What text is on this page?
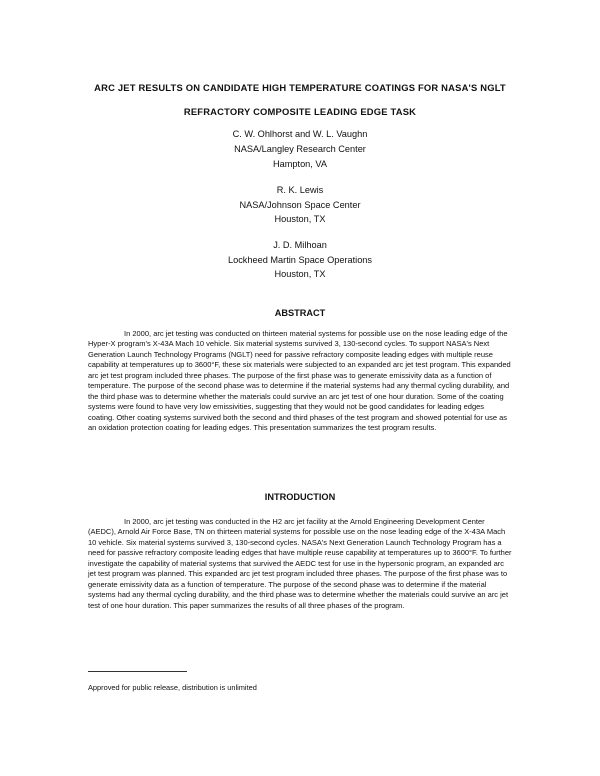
ARC JET RESULTS ON CANDIDATE HIGH TEMPERATURE COATINGS FOR NASA'S NGLT
REFRACTORY COMPOSITE LEADING EDGE TASK
C. W. Ohlhorst and W. L. Vaughn
NASA/Langley Research Center
Hampton, VA
R. K. Lewis
NASA/Johnson Space Center
Houston, TX
J. D. Milhoan
Lockheed Martin Space Operations
Houston, TX
ABSTRACT

In 2000, arc jet testing was conducted on thirteen material systems for possible use on the nose leading edge of the Hyper-X program's X-43A Mach 10 vehicle. Six material systems survived 3, 130-second cycles. To support NASA's Next Generation Launch Technology Programs (NGLT) need for passive refractory composite leading edges with multiple reuse capability at temperatures up to 3600°F, these six materials were subjected to an expanded arc jet test program. This expanded arc jet test program included three phases. The purpose of the first phase was to generate emissivity data as a function of temperature. The purpose of the second phase was to determine if the material systems had any thermal cycling durability, and the third phase was to determine whether the materials could survive an arc jet test of one hour duration. Some of the coating systems were found to have very low emissivities, suggesting that they would not be good candidates for leading edges coating. Other coating systems survived both the second and third phases of the test program and showed potential for use as an oxidation protection coating for leading edges. This presentation summarizes the test program results.

INTRODUCTION

In 2000, arc jet testing was conducted in the H2 arc jet facility at the Arnold Engineering Development Center (AEDC), Arnold Air Force Base, TN on thirteen material systems for possible use on the nose leading edge of the X-43A Mach 10 vehicle. Six material systems survived 3, 130-second cycles. NASA's Next Generation Launch Technology Program has a need for passive refractory composite leading edges that have multiple reuse capability at temperatures up to 3600°F. To further investigate the capability of material systems that survived the AEDC test for use in the hypersonic program, an expanded arc jet test program was planned. This expanded arc jet test program included three phases. The purpose of the first phase was to generate emissivity data as a function of temperature. The purpose of the second phase was to determine if the material systems had any thermal cycling durability, and the third phase was to determine whether the materials could survive an arc jet test of one hour duration. This paper summarizes the results of all three phases of the program.

Approved for public release, distribution is unlimited
